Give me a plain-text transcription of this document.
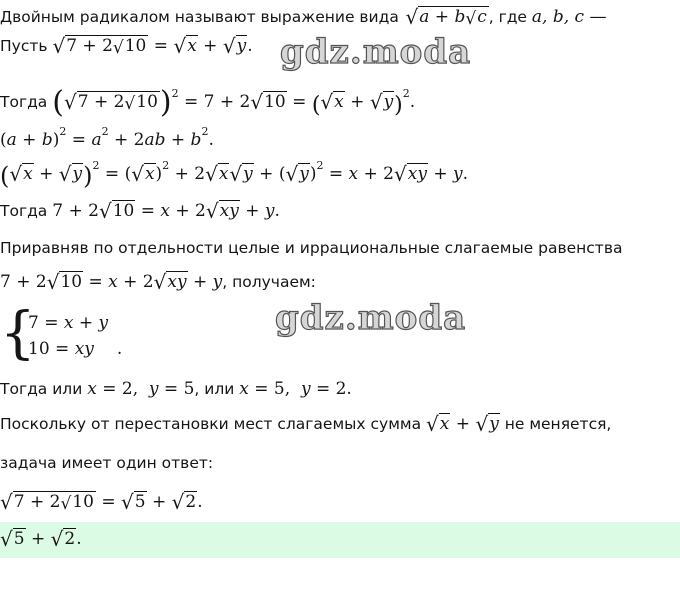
Двойным радикалом называют выражение вида   √a + b√c , где a, b, c —
Пусть √7 + 2√10 = √x + √y. gdz.moda
Тогда $(√7 + 2√10)^2 = 7 + 2√10 = (√x + √y)^2$.
$(a + b)^2 = a^2 + 2ab + b^2$.
$(√x + √y)^2 = (√x)^2 + 2√x√y + (√y)^2 = x + 2√xy + y$.
Тогда 7 + 2√10 = x + 2√xy + y.
Приравняв по отдельности целые и иррациональные слагаемые равенства
7 + 2√10 = x + 2√xy + y, получаем:
{
7 = x + y
10 = xy .
gdz.moda
Тогда или x = 2,  y = 5, или x = 5,  y = 2.
Поскольку от перестановки мест слагаемых сумма √x + √y не меняется,
задача имеет один ответ:
√7 + 2√10 = √5 + √2.
√5 + √2.
